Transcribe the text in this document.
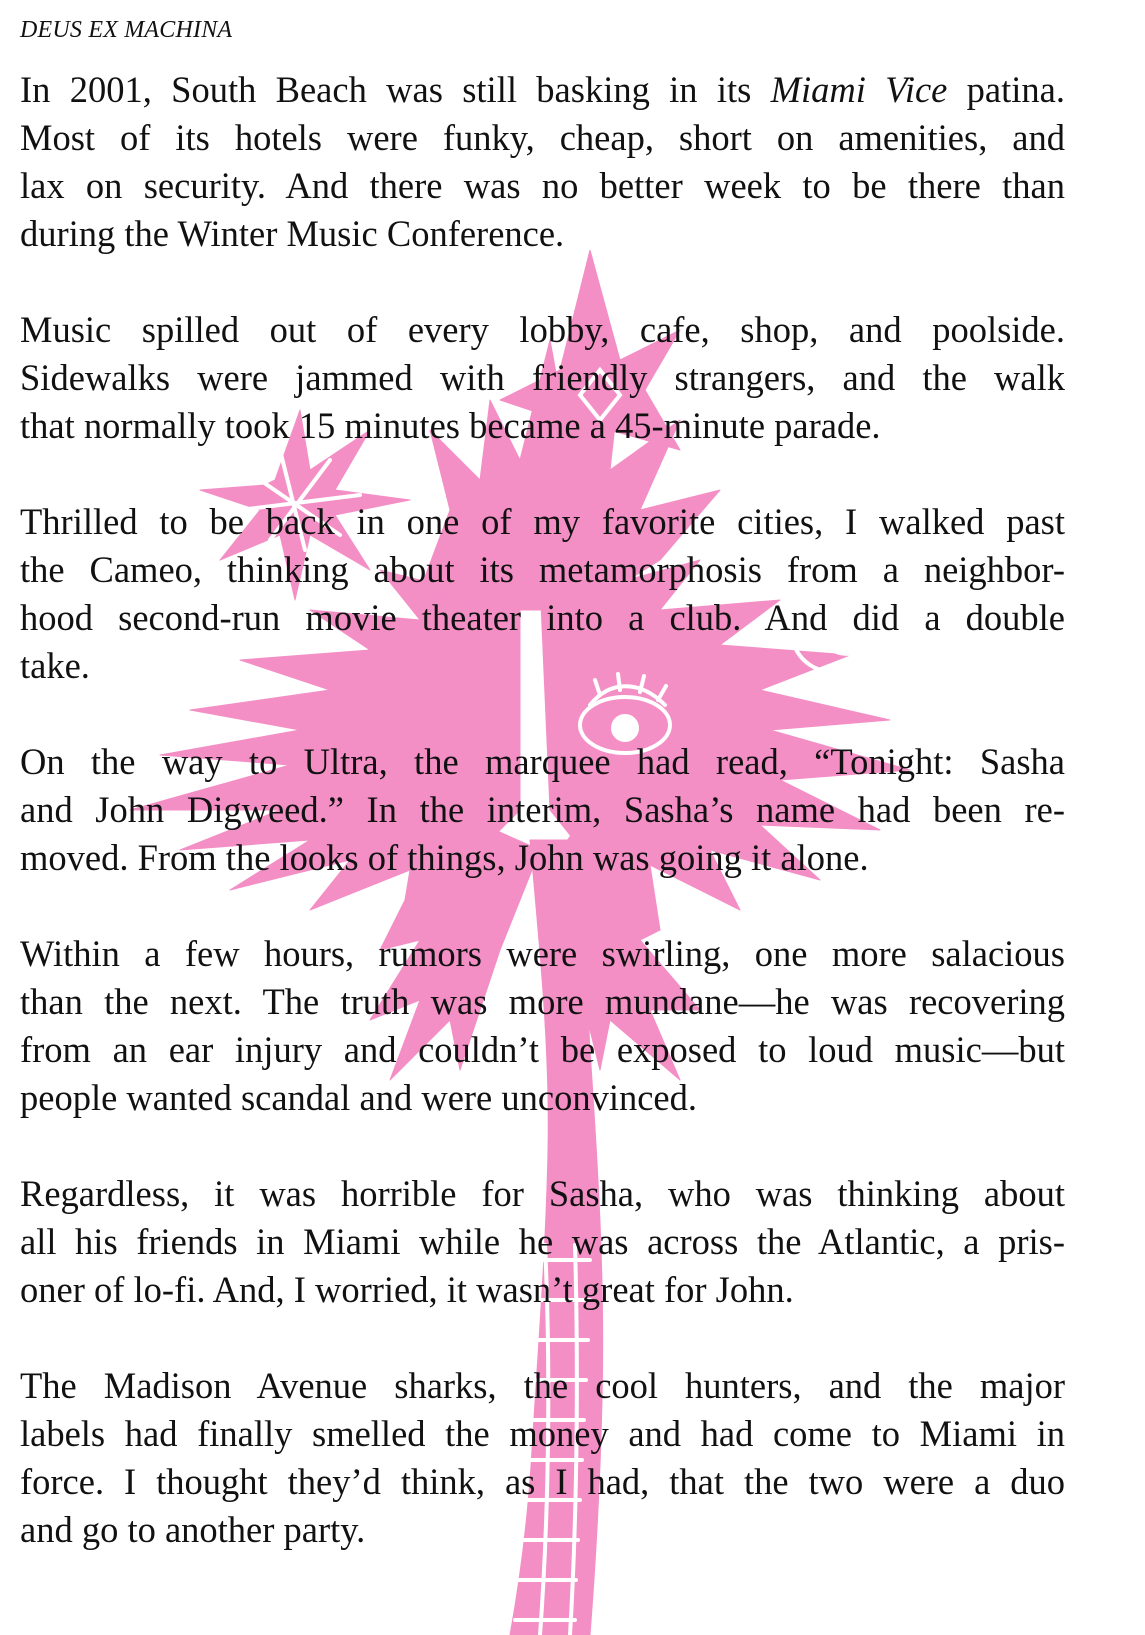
DEUS EX MACHINA
In 2001, South Beach was still basking in its Miami Vice patina.
Most of its hotels were funky, cheap, short on amenities, and
lax on security. And there was no better week to be there than
during the Winter Music Conference.
Music spilled out of every lobby, cafe, shop, and poolside.
Sidewalks were jammed with friendly strangers, and the walk
that normally took 15 minutes became a 45-minute parade.
Thrilled to be back in one of my favorite cities, I walked past
the Cameo, thinking about its metamorphosis from a neighbor-
hood second-run movie theater into a club. And did a double
take.
On the way to Ultra, the marquee had read, “Tonight: Sasha
and John Digweed.” In the interim, Sasha’s name had been re-
moved. From the looks of things, John was going it alone.
Within a few hours, rumors were swirling, one more salacious
than the next. The truth was more mundane—he was recovering
from an ear injury and couldn’t be exposed to loud music—but
people wanted scandal and were unconvinced.
Regardless, it was horrible for Sasha, who was thinking about
all his friends in Miami while he was across the Atlantic, a pris-
oner of lo-fi. And, I worried, it wasn’t great for John.
The Madison Avenue sharks, the cool hunters, and the major
labels had finally smelled the money and had come to Miami in
force. I thought they’d think, as I had, that the two were a duo
and go to another party.
